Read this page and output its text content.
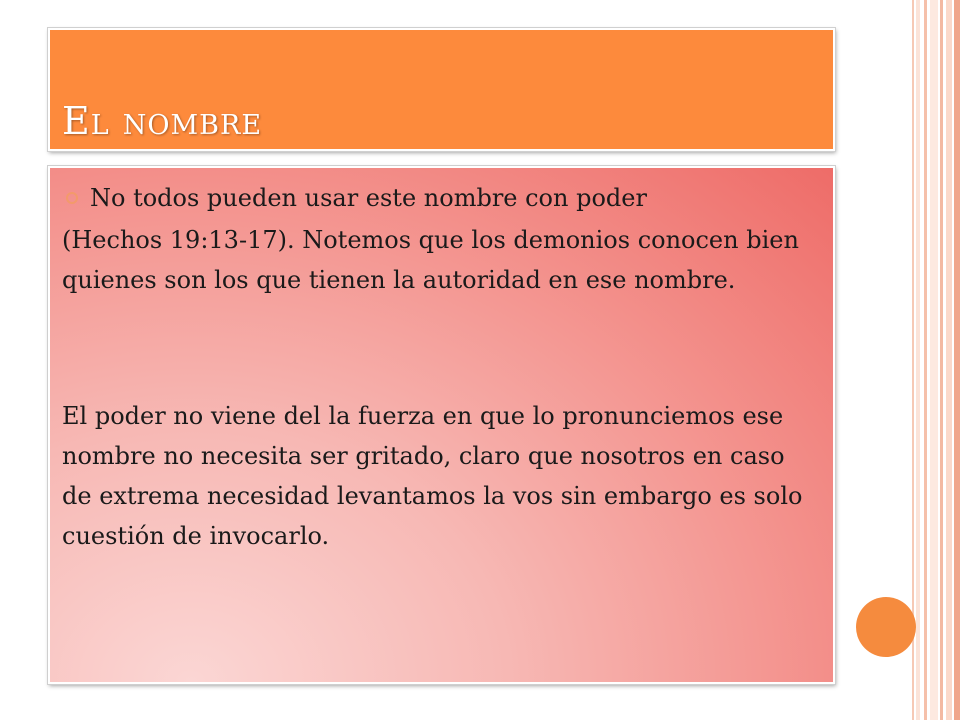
El nombre

No todos pueden usar este nombre con poder

(Hechos 19:13-17). Notemos que los demonios conocen bien quienes son los que tienen la autoridad en ese nombre.

El poder no viene del la fuerza en que lo pronunciemos ese nombre no necesita ser gritado, claro que nosotros en caso de extrema necesidad levantamos la vos sin embargo es solo cuestión de invocarlo.
